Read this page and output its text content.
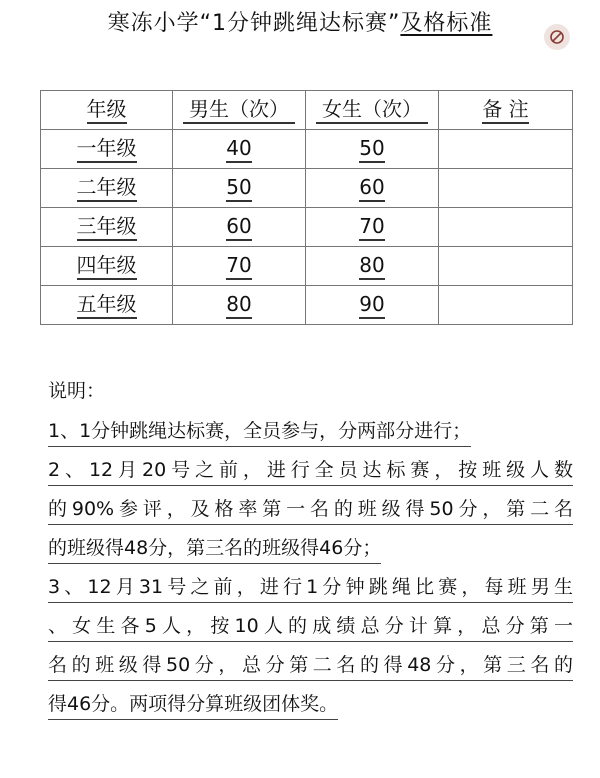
寒冻小学“1分钟跳绳达标赛”及格标准
年级	男生（次）	女生（次）	备 注
一年级	40	50	
二年级	50	60	
三年级	60	70	
四年级	70	80	
五年级	80	90	
说明：
1、1分钟跳绳达标赛，全员参与，分两部分进行；
2、12月20号之前，进行全员达标赛，按班级人数
的90%参评，及格率第一名的班级得50分，第二名
的班级得48分，第三名的班级得46分；
3、12月31号之前，进行1分钟跳绳比赛，每班男生
、女生各5人，按10人的成绩总分计算，总分第一
名的班级得50分，总分第二名的得48分，第三名的
得46分。两项得分算班级团体奖。
